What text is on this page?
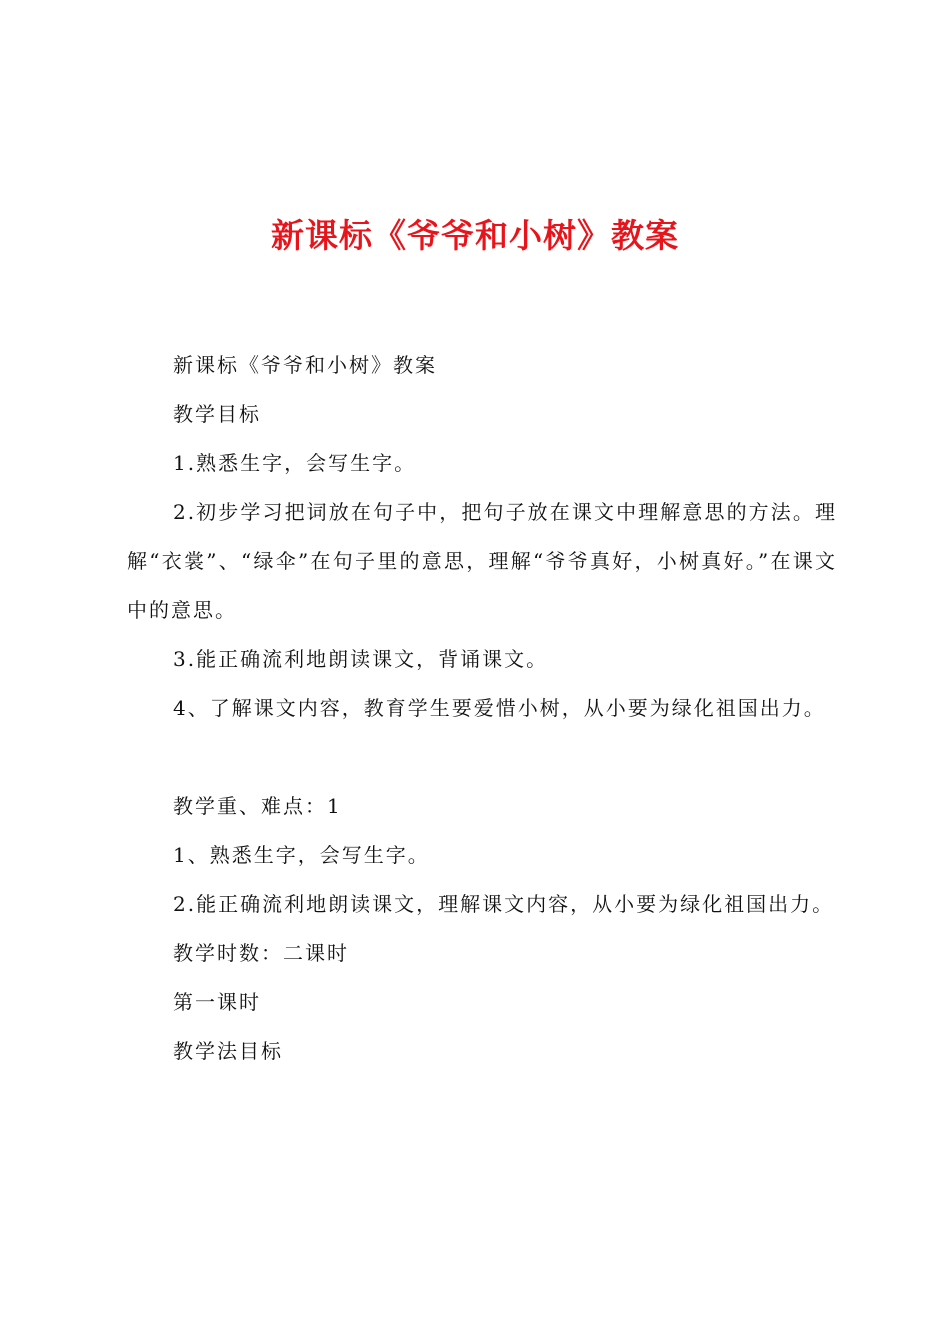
新课标《爷爷和小树》教案

新课标《爷爷和小树》教案

教学目标

1.熟悉生字，会写生字。

2.初步学习把词放在句子中，把句子放在课文中理解意思的方法。理解“衣裳”、“绿伞”在句子里的意思，理解“爷爷真好，小树真好。”在课文中的意思。

3.能正确流利地朗读课文，背诵课文。

4、了解课文内容，教育学生要爱惜小树，从小要为绿化祖国出力。

教学重、难点：1

1、熟悉生字，会写生字。

2.能正确流利地朗读课文，理解课文内容，从小要为绿化祖国出力。

教学时数：二课时

第一课时

教学法目标
